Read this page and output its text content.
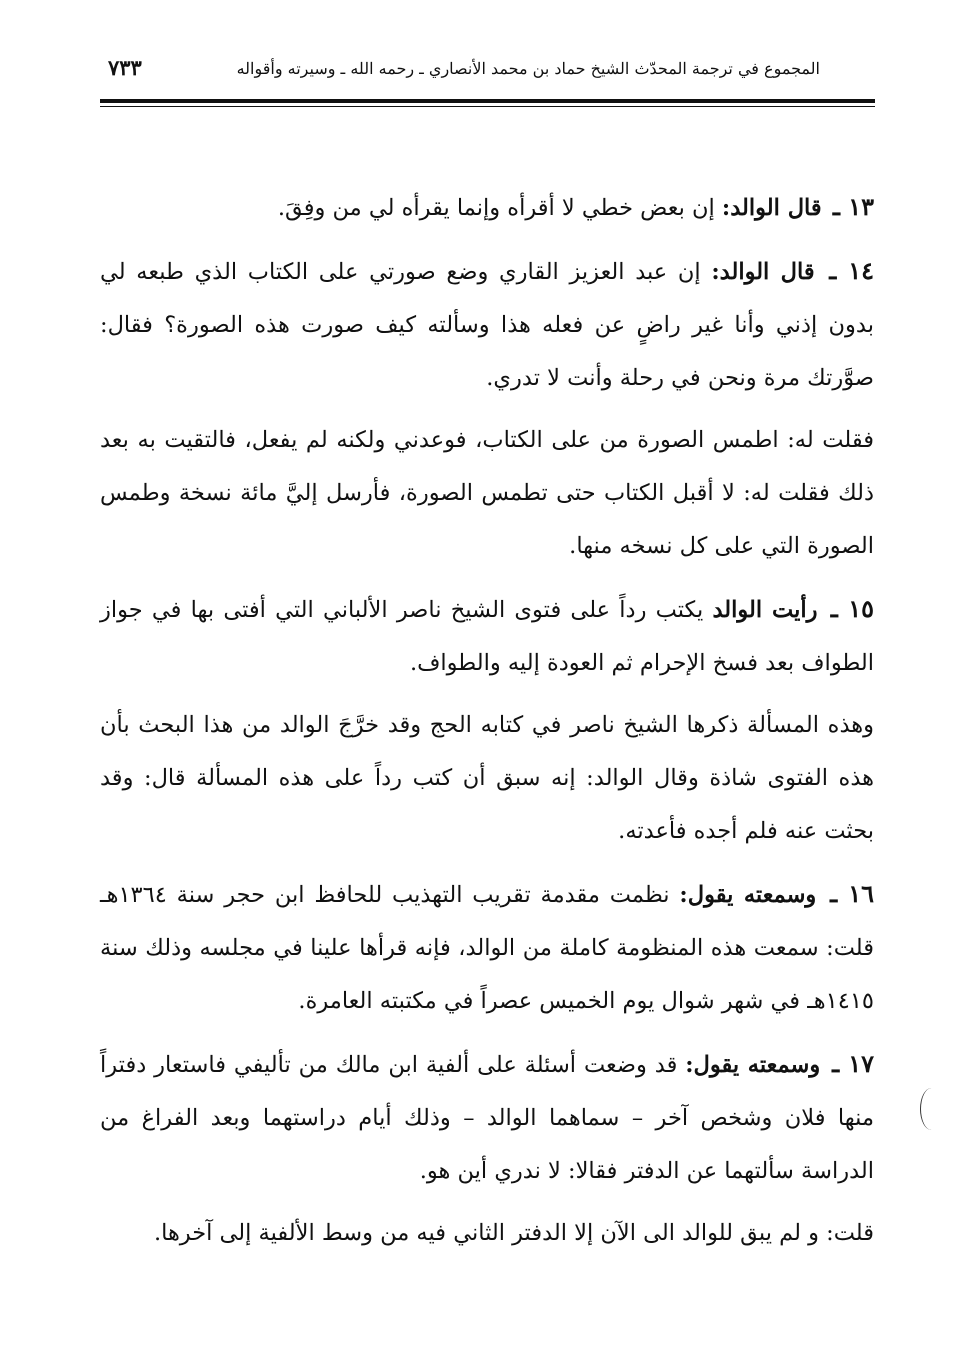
المجموع في ترجمة المحدّث الشيخ حماد بن محمد الأنصاري ـ رحمه الله ـ وسيرته وأقواله
٧٣٣

١٣ ـ قال الوالد: إن بعض خطي لا أقرأه وإنما يقرأه لي من وفِقَ.

١٤ ـ قال الوالد: إن عبد العزيز القاري وضع صورتي على الكتاب الذي طبعه لي بدون إذني وأنا غير راضٍ عن فعله هذا وسألته كيف صورت هذه الصورة؟ فقال: صوَّرتك مرة ونحن في رحلة وأنت لا تدري.

فقلت له: اطمس الصورة من على الكتاب، فوعدني ولكنه لم يفعل، فالتقيت به بعد ذلك فقلت له: لا أقبل الكتاب حتى تطمس الصورة، فأرسل إليَّ مائة نسخة وطمس الصورة التي على كل نسخه منها.

١٥ ـ رأيت الوالد يكتب رداً على فتوى الشيخ ناصر الألباني التي أفتى بها في جواز الطواف بعد فسخ الإحرام ثم العودة إليه والطواف.

وهذه المسألة ذكرها الشيخ ناصر في كتابه الحج وقد خرَّجَ الوالد من هذا البحث بأن هذه الفتوى شاذة وقال الوالد: إنه سبق أن كتب رداً على هذه المسألة قال: وقد بحثت عنه فلم أجده فأعدته.

١٦ ـ وسمعته يقول: نظمت مقدمة تقريب التهذيب للحافظ ابن حجر سنة ١٣٦٤هـ قلت: سمعت هذه المنظومة كاملة من الوالد، فإنه قرأها علينا في مجلسه وذلك سنة ١٤١٥هـ في شهر شوال يوم الخميس عصراً في مكتبته العامرة.

١٧ ـ وسمعته يقول: قد وضعت أسئلة على ألفية ابن مالك من تأليفي فاستعار دفتراً منها فلان وشخص آخر – سماهما الوالد – وذلك أيام دراستهما وبعد الفراغ من الدراسة سألتهما عن الدفتر فقالا: لا ندري أين هو.

قلت: و لم يبق للوالد الى الآن إلا الدفتر الثاني فيه من وسط الألفية إلى آخرها.
